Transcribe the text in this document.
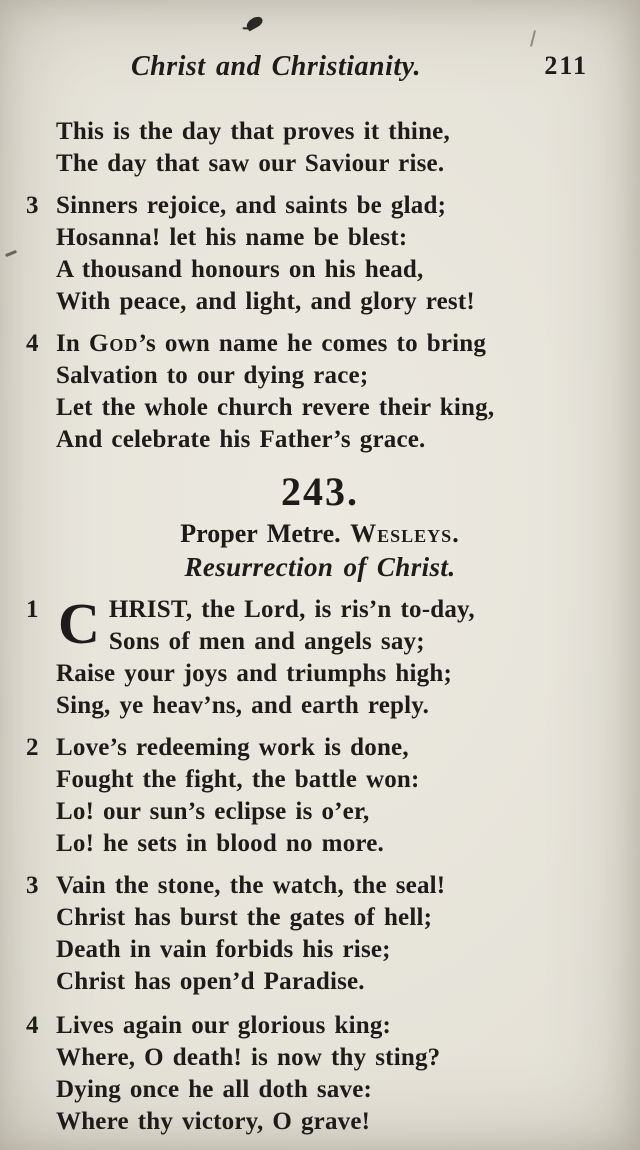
Christ and Christianity.	211
This is the day that proves it thine,
The day that saw our Saviour rise.
3 Sinners rejoice, and saints be glad;
Hosanna! let his name be blest:
A thousand honours on his head,
With peace, and light, and glory rest!
4 In God’s own name he comes to bring
Salvation to our dying race;
Let the whole church revere their king,
And celebrate his Father’s grace.
243.
Proper Metre. Wesleys.
Resurrection of Christ.
1 C HRIST, the Lord, is ris’n to-day,
Sons of men and angels say;
Raise your joys and triumphs high;
Sing, ye heav’ns, and earth reply.
2 Love’s redeeming work is done,
Fought the fight, the battle won:
Lo! our sun’s eclipse is o’er,
Lo! he sets in blood no more.
3 Vain the stone, the watch, the seal!
Christ has burst the gates of hell;
Death in vain forbids his rise;
Christ has open’d Paradise.
4 Lives again our glorious king:
Where, O death! is now thy sting?
Dying once he all doth save:
Where thy victory, O grave!
